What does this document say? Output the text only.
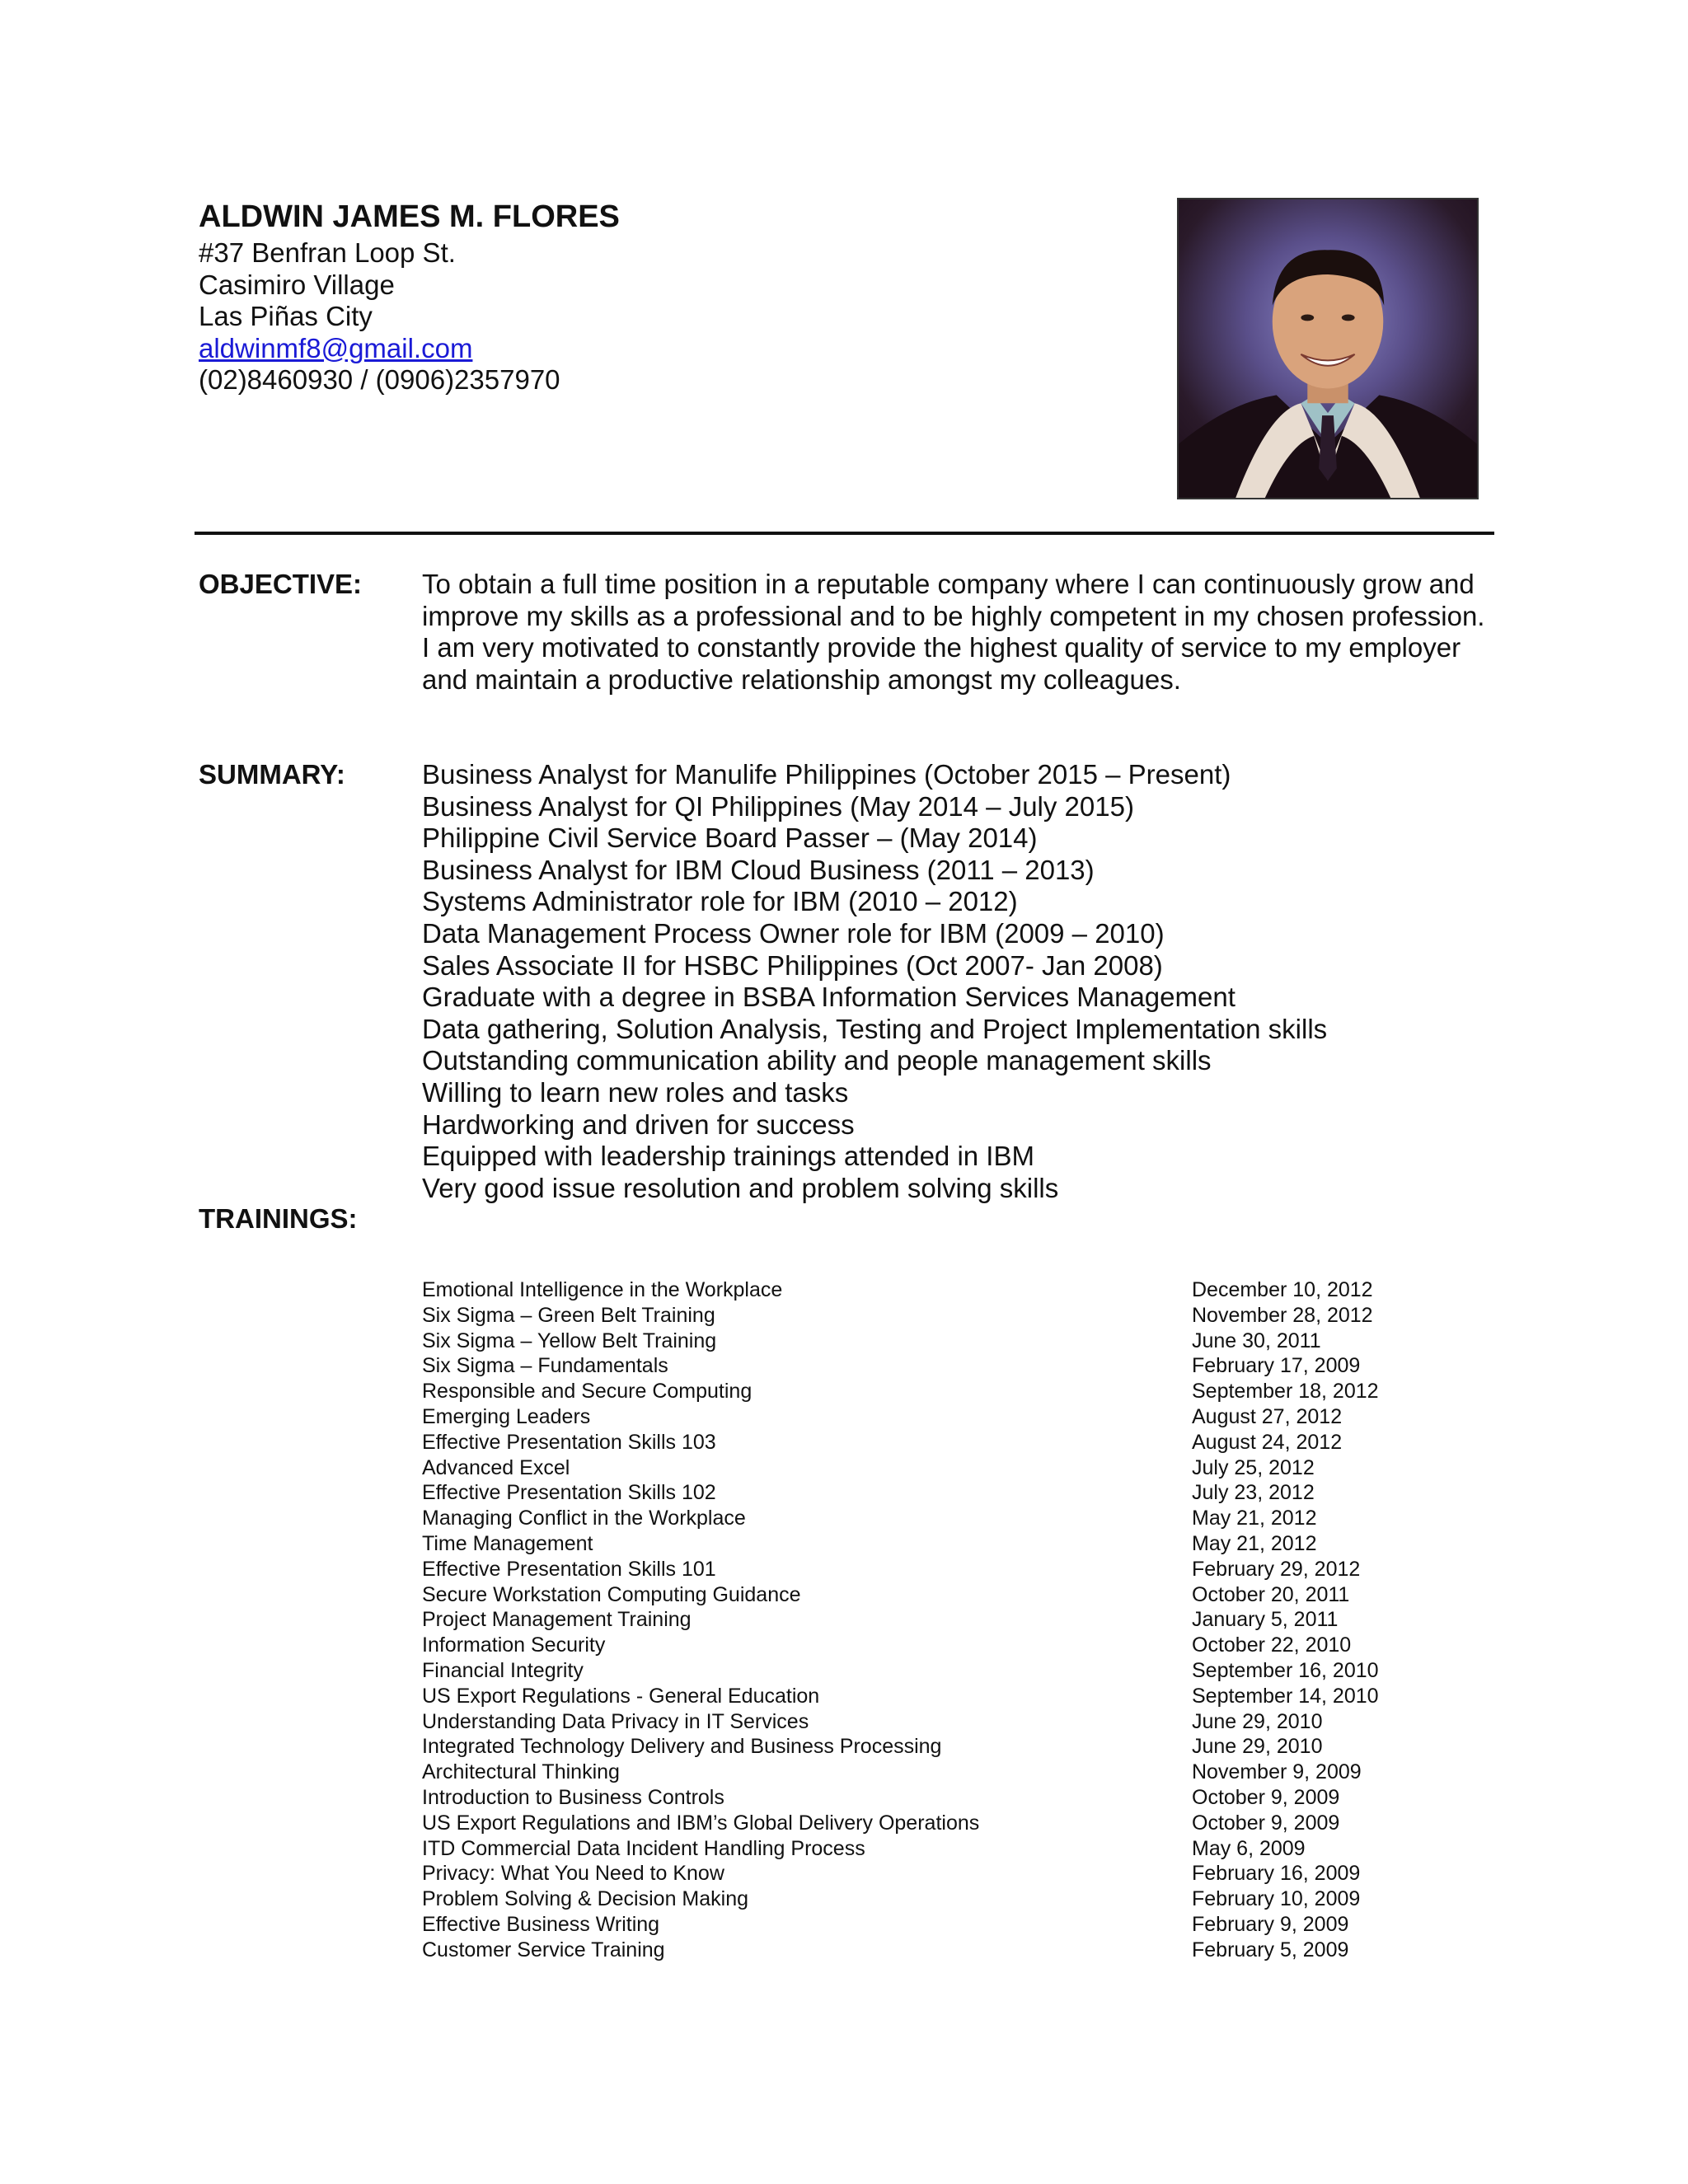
ALDWIN JAMES M. FLORES

#37 Benfran Loop St.

Casimiro Village

Las Piñas City

aldwinmf8@gmail.com

(02)8460930 / (0906)2357970

OBJECTIVE: To obtain a full time position in a reputable company where I can continuously grow and improve my skills as a professional and to be highly competent in my chosen profession. I am very motivated to constantly provide the highest quality of service to my employer and maintain a productive relationship amongst my colleagues.

SUMMARY:	Business Analyst for Manulife Philippines (October 2015 – Present)
Business Analyst for QI Philippines (May 2014 – July 2015)
Philippine Civil Service Board Passer – (May 2014)
Business Analyst for IBM Cloud Business (2011 – 2013)
Systems Administrator role for IBM (2010 – 2012)
Data Management Process Owner role for IBM (2009 – 2010)
Sales Associate II for HSBC Philippines (Oct 2007- Jan 2008)
Graduate with a degree in BSBA Information Services Management
Data gathering, Solution Analysis, Testing and Project Implementation skills
Outstanding communication ability and people management skills
Willing to learn new roles and tasks
Hardworking and driven for success
Equipped with leadership trainings attended in IBM
Very good issue resolution and problem solving skills

TRAININGS:

Emotional Intelligence in the Workplace	December 10, 2012
Six Sigma – Green Belt Training	November 28, 2012
Six Sigma – Yellow Belt Training	June 30, 2011
Six Sigma – Fundamentals	February 17, 2009
Responsible and Secure Computing	September 18, 2012
Emerging Leaders	August 27, 2012
Effective Presentation Skills 103	August 24, 2012
Advanced Excel	July 25, 2012
Effective Presentation Skills 102	July 23, 2012
Managing Conflict in the Workplace	May 21, 2012
Time Management	May 21, 2012
Effective Presentation Skills 101	February 29, 2012
Secure Workstation Computing Guidance	October 20, 2011
Project Management Training	January 5, 2011
Information Security	October 22, 2010
Financial Integrity	September 16, 2010
US Export Regulations - General Education	September 14, 2010
Understanding Data Privacy in IT Services	June 29, 2010
Integrated Technology Delivery and Business Processing	June 29, 2010
Architectural Thinking	November 9, 2009
Introduction to Business Controls	October 9, 2009
US Export Regulations and IBM’s Global Delivery Operations	October 9, 2009
ITD Commercial Data Incident Handling Process	May 6, 2009
Privacy: What You Need to Know	February 16, 2009
Problem Solving & Decision Making	February 10, 2009
Effective Business Writing	February 9, 2009
Customer Service Training	February 5, 2009
